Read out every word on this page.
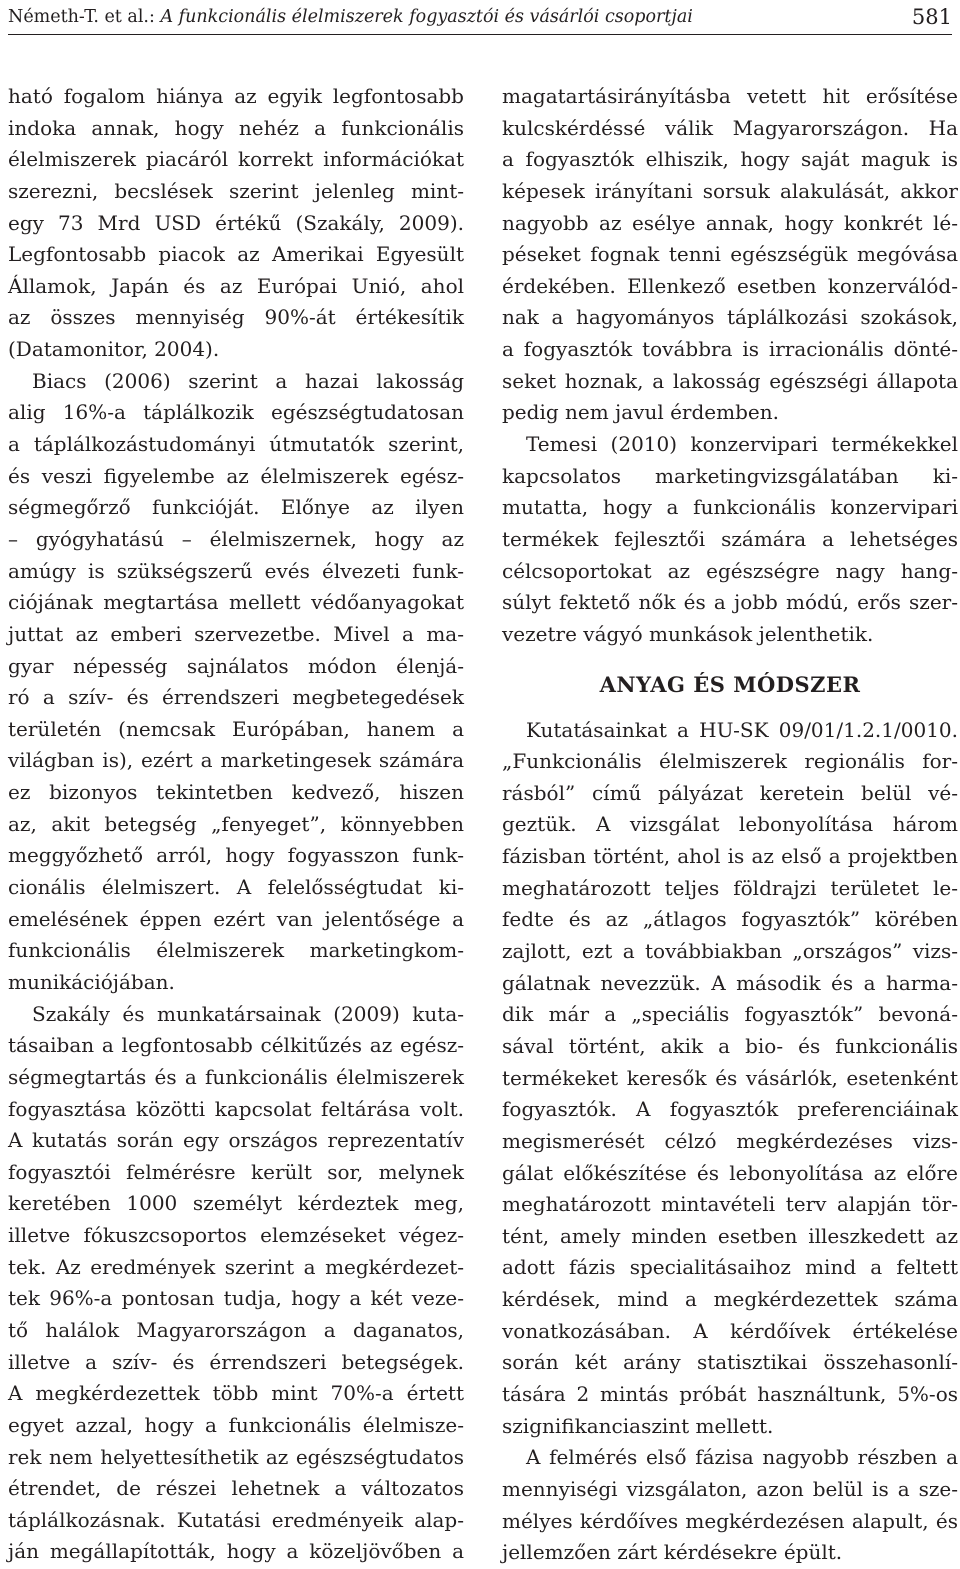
Németh-T. et al.: A funkcionális élelmiszerek fogyasztói és vásárlói csoportjai	581
ható fogalom hiánya az egyik legfontosabb
indoka annak, hogy nehéz a funkcionális
élelmiszerek piacáról korrekt információkat
szerezni, becslések szerint jelenleg mint-
egy 73 Mrd USD értékű (Szakály, 2009).
Legfontosabb piacok az Amerikai Egyesült
Államok, Japán és az Európai Unió, ahol
az összes mennyiség 90%-át értékesítik
(Datamonitor, 2004).
Biacs (2006) szerint a hazai lakosság
alig 16%-a táplálkozik egészségtudatosan
a táplálkozástudományi útmutatók szerint,
és veszi figyelembe az élelmiszerek egész-
ségmegőrző funkcióját. Előnye az ilyen
– gyógyhatású – élelmiszernek, hogy az
amúgy is szükségszerű evés élvezeti funk-
ciójának megtartása mellett védőanyagokat
juttat az emberi szervezetbe. Mivel a ma-
gyar népesség sajnálatos módon élenjá-
ró a szív- és érrendszeri megbetegedések
területén (nemcsak Európában, hanem a
világban is), ezért a marketingesek számára
ez bizonyos tekintetben kedvező, hiszen
az, akit betegség „fenyeget”, könnyebben
meggyőzhető arról, hogy fogyasszon funk-
cionális élelmiszert. A felelősségtudat ki-
emelésének éppen ezért van jelentősége a
funkcionális élelmiszerek marketingkom-
munikációjában.
Szakály és munkatársainak (2009) kuta-
tásaiban a legfontosabb célkitűzés az egész-
ségmegtartás és a funkcionális élelmiszerek
fogyasztása közötti kapcsolat feltárása volt.
A kutatás során egy országos reprezentatív
fogyasztói felmérésre került sor, melynek
keretében 1000 személyt kérdeztek meg,
illetve fókuszcsoportos elemzéseket végez-
tek. Az eredmények szerint a megkérdezet-
tek 96%-a pontosan tudja, hogy a két veze-
tő halálok Magyarországon a daganatos,
illetve a szív- és érrendszeri betegségek.
A megkérdezettek több mint 70%-a értett
egyet azzal, hogy a funkcionális élelmisze-
rek nem helyettesíthetik az egészségtudatos
étrendet, de részei lehetnek a változatos
táplálkozásnak. Kutatási eredményeik alap-
ján megállapították, hogy a közeljövőben a
magatartásirányításba vetett hit erősítése
kulcskérdéssé válik Magyarországon. Ha
a fogyasztók elhiszik, hogy saját maguk is
képesek irányítani sorsuk alakulását, akkor
nagyobb az esélye annak, hogy konkrét lé-
péseket fognak tenni egészségük megóvása
érdekében. Ellenkező esetben konzerválód-
nak a hagyományos táplálkozási szokások,
a fogyasztók továbbra is irracionális dönté-
seket hoznak, a lakosság egészségi állapota
pedig nem javul érdemben.
Temesi (2010) konzervipari termékekkel
kapcsolatos marketingvizsgálatában ki-
mutatta, hogy a funkcionális konzervipari
termékek fejlesztői számára a lehetséges
célcsoportokat az egészségre nagy hang-
súlyt fektető nők és a jobb módú, erős szer-
vezetre vágyó munkások jelenthetik.
ANYAG ÉS MÓDSZER
Kutatásainkat a HU-SK 09/01/1.2.1/0010.
„Funkcionális élelmiszerek regionális for-
rásból” című pályázat keretein belül vé-
geztük. A vizsgálat lebonyolítása három
fázisban történt, ahol is az első a projektben
meghatározott teljes földrajzi területet le-
fedte és az „átlagos fogyasztók” körében
zajlott, ezt a továbbiakban „országos” vizs-
gálatnak nevezzük. A második és a harma-
dik már a „speciális fogyasztók” bevoná-
sával történt, akik a bio- és funkcionális
termékeket keresők és vásárlók, esetenként
fogyasztók. A fogyasztók preferenciáinak
megismerését célzó megkérdezéses vizs-
gálat előkészítése és lebonyolítása az előre
meghatározott mintavételi terv alapján tör-
tént, amely minden esetben illeszkedett az
adott fázis specialitásaihoz mind a feltett
kérdések, mind a megkérdezettek száma
vonatkozásában. A kérdőívek értékelése
során két arány statisztikai összehasonlí-
tására 2 mintás próbát használtunk, 5%-os
szignifikanciaszint mellett.
A felmérés első fázisa nagyobb részben a
mennyiségi vizsgálaton, azon belül is a sze-
mélyes kérdőíves megkérdezésen alapult, és
jellemzően zárt kérdésekre épült.
